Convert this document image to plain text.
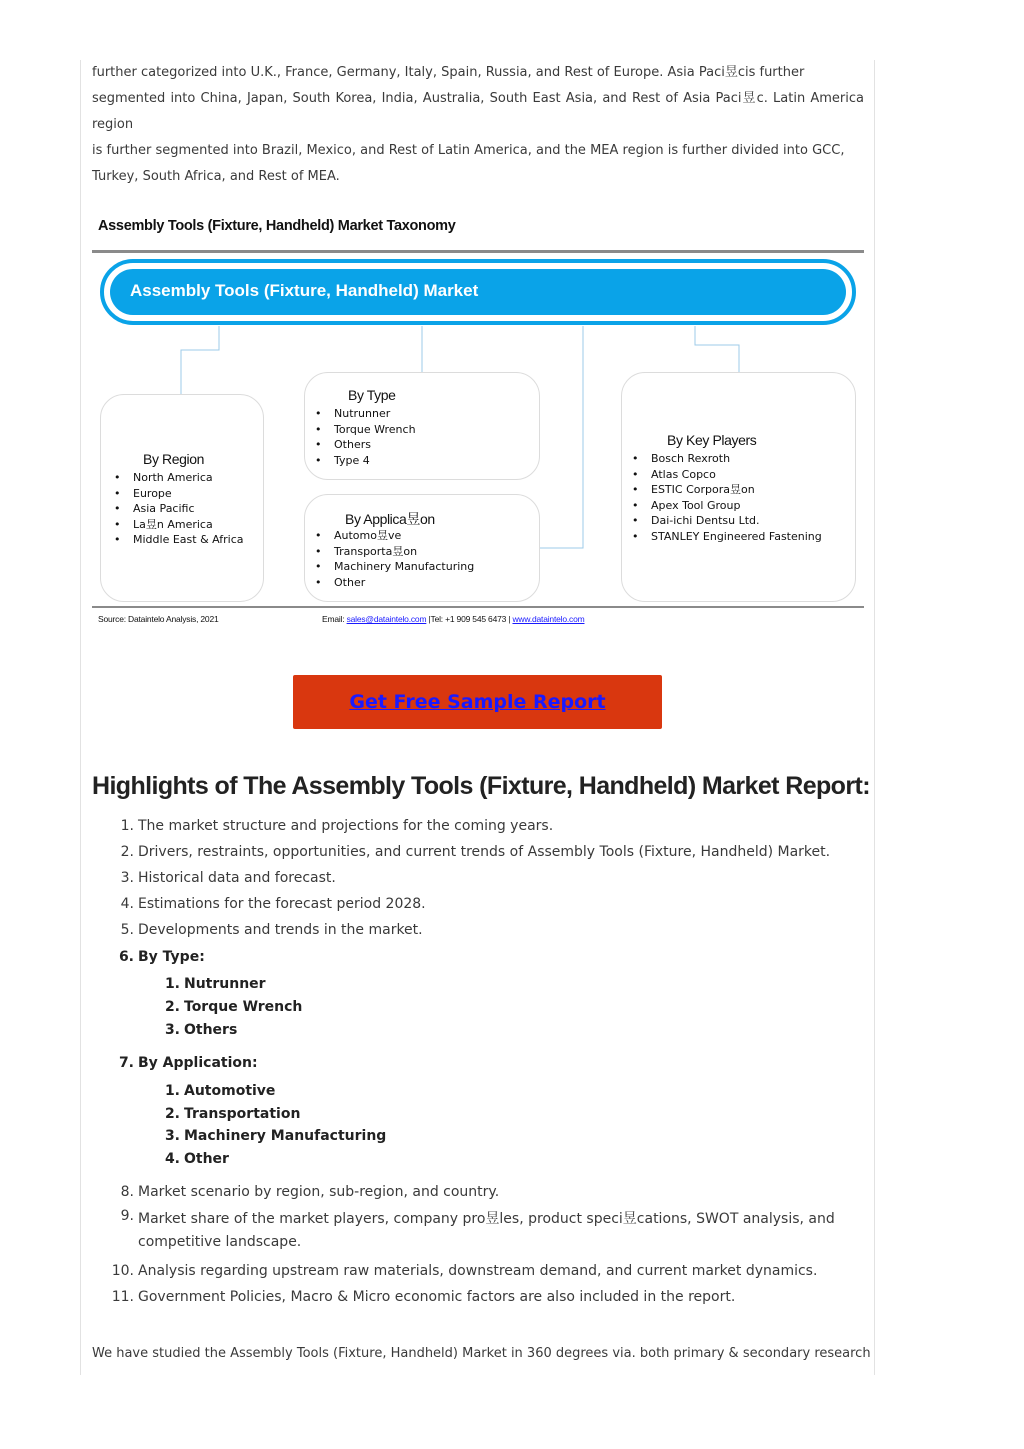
further categorized into U.K., France, Germany, Italy, Spain, Russia, and Rest of Europe. Asia Paci昱cis further

segmented into China, Japan, South Korea, India, Australia, South East Asia, and Rest of Asia Paci昱c. Latin America region

is further segmented into Brazil, Mexico, and Rest of Latin America, and the MEA region is further divided into GCC,

Turkey, South Africa, and Rest of MEA.

Assembly Tools (Fixture, Handheld) Market Taxonomy
Assembly Tools (Fixture, Handheld) Market
By Region
• North America
• Europe
• Asia Pacific
• La昱n America
• Middle East & Africa
By Type
• Nutrunner
• Torque Wrench
• Others
• Type 4
By Applica昱on
• Automo昱ve
• Transporta昱on
• Machinery Manufacturing
• Other
By Key Players
• Bosch Rexroth
• Atlas Copco
• ESTIC Corpora昱on
• Apex Tool Group
• Dai-ichi Dentsu Ltd.
• STANLEY Engineered Fastening
Source: Dataintelo Analysis, 2021	Email: sales@dataintelo.com |Tel: +1 909 545 6473 | www.dataintelo.com
Get Free Sample Report
Highlights of The Assembly Tools (Fixture, Handheld) Market Report:
1. The market structure and projections for the coming years.
2. Drivers, restraints, opportunities, and current trends of Assembly Tools (Fixture, Handheld) Market.
3. Historical data and forecast.
4. Estimations for the forecast period 2028.
5. Developments and trends in the market.
6. By Type:
1. Nutrunner
2. Torque Wrench
3. Others
7. By Application:
1. Automotive
2. Transportation
3. Machinery Manufacturing
4. Other
8. Market scenario by region, sub-region, and country.
9. Market share of the market players, company pro昱les, product speci昱cations, SWOT analysis, and
competitive landscape.
10. Analysis regarding upstream raw materials, downstream demand, and current market dynamics.
11. Government Policies, Macro & Micro economic factors are also included in the report.
We have studied the Assembly Tools (Fixture, Handheld) Market in 360 degrees via. both primary & secondary research
